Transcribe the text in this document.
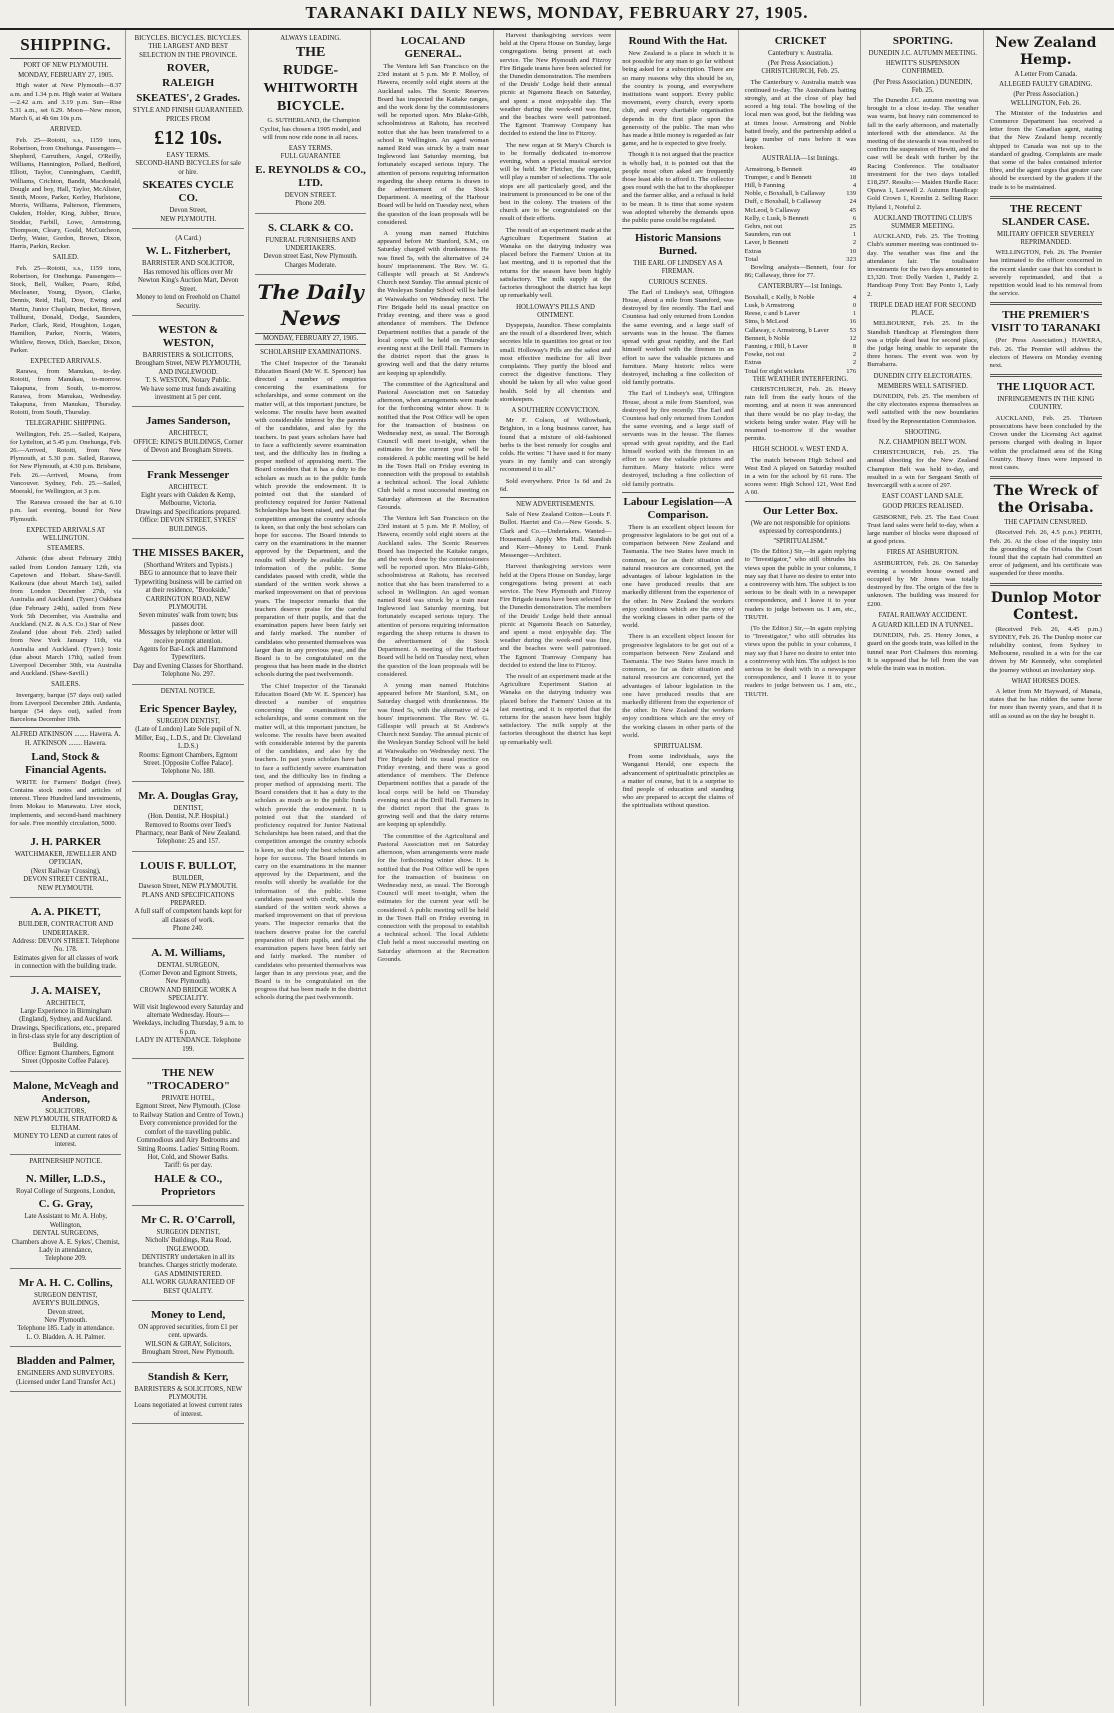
TARANAKI DAILY NEWS, MONDAY, FEBRUARY 27, 1905.
SHIPPING.
PORT OF NEW PLYMOUTH.
MONDAY, FEBRUARY 27, 1905.

High water at New Plymouth—8.37 a.m. and 1.34 p.m. High water at Waitara—2.42 a.m. and 3.19 p.m. Sun—Rise 5.31 a.m., set 6.29. Moon—New moon, March 6, at 4h 6m 10s p.m.

ARRIVED.

Feb. 25—Rotoiti, s.s., 1159 tons, Robertson, from Onehunga. Passengers—Shepherd, Carruthers, Angel, O'Reilly, Williams, Hannington, Pollard, Bedford, Elliott, Taylor, Cunningham, Cardiff, Williams, Crichton, Bandit, Macdonald, Dougle and boy, Hall, Taylor, McAlister, Smith, Moore, Parker, Kerley, Hurlstone, Morris, Williams, Palterson, Flemmers, Oakden, Holder, King, Jubber, Bruce, Stoddar, Farbill, Lowe, Armstrong, Thompson, Cleary, Gould, McCutcheon, Derby, Water, Gordon, Brown, Dixon, Harris, Parkin, Recker.

SAILED.

Feb. 25—Rotoiti, s.s., 1159 tons, Robertson, for Onehunga. Passengers—Stock, Bell, Walker, Poaro, Ribd, Mecleaner, Young, Dyson, Clarke, Dennis, Reid, Hall, Dow, Ewing and Martin, Junior Chaplain, Becket, Brown, Tollhurst, Donald, Dodge, Saunders, Parker, Clark, Reid, Houghton, Logan, Hamilton, Parker, Norris, Waters, Whitlow, Brown, Dilch, Baecker, Dixon, Parker.

EXPECTED ARRIVALS.

Rarawa, from Manukau, to-day. Rotoiti, from Manukau, to-morrow. Takapuna, from South, to-morrow. Rarawa, from Manukau, Wednesday. Takapuna, from Manukau, Thursday. Rotoiti, from South, Thursday.

TELEGRAPHIC SHIPPING.

Wellington, Feb. 25.—Sailed, Kaipara, for Lyttelton, at 5.45 p.m. Onehunga, Feb. 26.—Arrived, Rotoiti, from New Plymouth, at 5.30 p.m. Sailed, Rarawa, for New Plymouth, at 4.30 p.m. Brisbane, Feb. 26.—Arrived, Moana, from Vancouver. Sydney, Feb. 25.—Sailed, Moerakl, for Wellington, at 3 p.m.

The Rarawa crossed the bar at 6.10 p.m. last evening, bound for New Plymouth.

EXPECTED ARRIVALS AT WELLINGTON.
STEAMERS.

Athenic (due about February 28th) sailed from London January 12th, via Capetown and Hobart. Shaw-Savill. Kaikoura (due about March 1st), sailed from London December 27th, via Australia and Auckland. (Tyser.) Oakbara (due February 24th), sailed from New York 5th December, via Australia and Auckland. (N.Z. & A.S. Co.) Star of New Zealand (due about Feb. 23rd) sailed from New York January 11th, via Australia and Auckland. (Tyser.) Ionic (due about March 17th), sailed from Liverpool December 30th, via Australia and Auckland. (Shaw-Savill.)

SAILERS.

Invergarry, barque (57 days out) sailed from Liverpool December 28th. Andania, barque (54 days out), sailed from Barcelona December 19th.

ALFRED ATKINSON ........ Hawera. A. H. ATKINSON ........ Hawera.
Land, Stock & Financial Agents.

WRITE for Farmers' Budget (free). Contains stock notes and articles of interest. Three Hundred land investments, from Mokau to Manawatu. Live stock, implements, and second-hand machinery for sale. Free monthly circulation, 5000.

J. H. PARKER
WATCHMAKER, JEWELLER AND
OPTICIAN,
(Next Railway Crossing),
DEVON STREET CENTRAL,
NEW PLYMOUTH.
A. A. PIKETT,
BUILDER, CONTRACTOR AND UNDERTAKER.
Address: DEVON STREET. Telephone No. 178.
Estimates given for all classes of work in connection with the building trade.
J. A. MAISEY,
ARCHITECT,
Large Experience in Birmingham (England), Sydney, and Auckland.
Drawings, Specifications, etc., prepared in first-class style for any description of Building.
Office: Egmont Chambers, Egmont Street (Opposite Coffee Palace).
Malone, McVeagh and Anderson,
SOLICITORS,
NEW PLYMOUTH, STRATFORD & ELTHAM.
MONEY TO LEND at current rates of interest.
PARTNERSHIP NOTICE.
N. Miller, L.D.S.,
Royal College of Surgeons, London,
C. G. Gray,
Late Assistant to Mr. A. Hoby, Wellington,
DENTAL SURGEONS,
Chambers above A. E. Sykes', Chemist,
Lady in attendance,
Telephone 209.
Mr A. H. C. Collins,
SURGEON DENTIST,
AVERY'S BUILDINGS,
Devon street,
New Plymouth.
Telephone 185. Lady in attendance.
L. O. Bladden. A. H. Palmer.
Bladden and Palmer,
ENGINEERS AND SURVEYORS.
(Licensed under Land Transfer Act.)
BICYCLES. BICYCLES. BICYCLES.
THE LARGEST AND BEST SELECTION IN THE PROVINCE.
ROVER,
RALEIGH
SKEATES', 2 Grades.
STYLE AND FINISH GUARANTEED.
PRICES FROM
£12 10s.
EASY TERMS.
SECOND-HAND BICYCLES for sale or hire.
SKEATES CYCLE CO.
Devon Street,
NEW PLYMOUTH.
(A Card.)
W. L. Fitzherbert,
BARRISTER AND SOLICITOR,
Has removed his offices over Mr Newton King's Auction Mart, Devon Street.
Money to lend on Freehold on Chattel Security.
WESTON & WESTON,
BARRISTERS & SOLICITORS,
Brougham Street, NEW PLYMOUTH, AND INGLEWOOD.
T. S. WESTON, Notary Public.
We have some trust funds awaiting investment at 5 per cent.
James Sanderson,
ARCHITECT,
OFFICE: KING'S BUILDINGS, Corner of Devon and Brougham Streets.
Frank Messenger
ARCHITECT.
Eight years with Oakden & Kemp, Melbourne, Victoria.
Drawings and Specifications prepared.
Office: DEVON STREET, SYKES' BUILDINGS.
THE MISSES BAKER,
(Shorthand Writers and Typists.)
BEG to announce that to leave their Typewriting business will be carried on at their residence, "Brookside," CARRINGTON ROAD, NEW PLYMOUTH.
Seven minutes' walk from town; bus passes door.
Messages by telephone or letter will receive prompt attention.
Agents for Bar-Lock and Hammond Typewriters.
Day and Evening Classes for Shorthand.
Telephone No. 297.
DENTAL NOTICE.
Eric Spencer Bayley,
SURGEON DENTIST,
(Late of London) Late Sole pupil of N. Miller, Esq., L.D.S., and Dr. Cleveland L.D.S.)
Rooms: Egmont Chambers, Egmont Street. [Opposite Coffee Palace].
Telephone No. 180.
Mr. A. Douglas Gray,
DENTIST,
(Hon. Dentist, N.P. Hospital.)
Removed to Rooms over Teed's Pharmacy, near Bank of New Zealand.
Telephone: 25 and 157.
LOUIS F. BULLOT,
BUILDER,
Dawson Street, NEW PLYMOUTH.
PLANS AND SPECIFICATIONS PREPARED.
A full staff of competent hands kept for all classes of work.
Phone 240.
A. M. Williams,
DENTAL SURGEON,
(Corner Devon and Egmont Streets, New Plymouth).
CROWN AND BRIDGE WORK A SPECIALITY.
Will visit Inglewood every Saturday and alternate Wednesday. Hours—Weekdays, including Thursday, 9 a.m. to 6 p.m.
LADY IN ATTENDANCE. Telephone 199.
THE NEW "TROCADERO"
PRIVATE HOTEL,
Egmont Street, New Plymouth. (Close to Railway Station and Centre of Town.)
Every convenience provided for the comfort of the travelling public. Commodious and Airy Bedrooms and Sitting Rooms. Ladies' Sitting Room.
Hot, Cold, and Shower Baths.
Tariff: 6s per day.
HALE & CO., Proprietors
Mr C. R. O'Carroll,
SURGEON DENTIST,
Nicholls' Buildings, Rata Road, INGLEWOOD.
DENTISTRY undertaken in all its branches. Charges strictly moderate.
GAS ADMINISTERED.
ALL WORK GUARANTEED OF BEST QUALITY.
Money to Lend,
ON approved securities, from £1 per cent. upwards.
WILSON & GIRAY, Solicitors, Brougham Street, New Plymouth.
Standish & Kerr,
BARRISTERS & SOLICITORS, NEW PLYMOUTH.
Loans negotiated at lowest current rates of interest.
ALWAYS LEADING.
THE
RUDGE-
WHITWORTH
BICYCLE.

G. SUTHERLAND, the Champion Cyclist, has chosen a 1905 model, and will from now ride none in all races.

EASY TERMS.
FULL GUARANTEE
E. REYNOLDS & CO., LTD.
DEVON STREET.
Phone 209.
S. CLARK & CO.
FUNERAL FURNISHERS AND UNDERTAKERS.
Devon street East, New Plymouth.
Charges Moderate.
The Daily News
MONDAY, FEBRUARY 27, 1905.
SCHOLARSHIP EXAMINATIONS.

The Chief Inspector of the Taranaki Education Board (Mr W. E. Spencer) has directed a number of enquiries concerning the examinations for scholarships, and some comment on the matter will, at this important juncture, be welcome. The results have been awaited with considerable interest by the parents of the candidates, and also by the teachers. In past years scholars have had to face a sufficiently severe examination test, and the difficulty lies in finding a proper method of appraising merit. The Board considers that it has a duty to the scholars as much as to the public funds which provide the endowment. It is pointed out that the standard of proficiency required for Junior National Scholarships has been raised, and that the competition amongst the country schools is keen, so that only the best scholars can hope for success. The Board intends to carry on the examinations in the manner approved by the Department, and the results will shortly be available for the information of the public. Some candidates passed with credit, while the standard of the written work shows a marked improvement on that of previous years. The inspector remarks that the teachers deserve praise for the careful preparation of their pupils, and that the examination papers have been fairly set and fairly marked. The number of candidates who presented themselves was larger than in any previous year, and the Board is to be congratulated on the progress that has been made in the district schools during the past twelvemonth.

The Chief Inspector of the Taranaki Education Board (Mr W. E. Spencer) has directed a number of enquiries concerning the examinations for scholarships, and some comment on the matter will, at this important juncture, be welcome. The results have been awaited with considerable interest by the parents of the candidates, and also by the teachers. In past years scholars have had to face a sufficiently severe examination test, and the difficulty lies in finding a proper method of appraising merit. The Board considers that it has a duty to the scholars as much as to the public funds which provide the endowment. It is pointed out that the standard of proficiency required for Junior National Scholarships has been raised, and that the competition amongst the country schools is keen, so that only the best scholars can hope for success. The Board intends to carry on the examinations in the manner approved by the Department, and the results will shortly be available for the information of the public. Some candidates passed with credit, while the standard of the written work shows a marked improvement on that of previous years. The inspector remarks that the teachers deserve praise for the careful preparation of their pupils, and that the examination papers have been fairly set and fairly marked. The number of candidates who presented themselves was larger than in any previous year, and the Board is to be congratulated on the progress that has been made in the district schools during the past twelvemonth.

LOCAL AND GENERAL.

The Ventura left San Francisco on the 23rd instant at 5 p.m. Mr P. Molloy, of Hawera, recently sold eight steers at the Auckland sales. The Scenic Reserves Board has inspected the Kaitake ranges, and the work done by the commissioners will be reported upon. Mrs Blake-Gibb, schoolmistress at Rahotu, has received notice that she has been transferred to a school in Wellington. An aged woman named Reid was struck by a train near Inglewood last Saturday morning, but fortunately escaped serious injury. The attention of persons requiring information regarding the sheep returns is drawn to the advertisement of the Stock Department. A meeting of the Harbour Board will be held on Tuesday next, when the question of the loan proposals will be considered.

A young man named Hutchins appeared before Mr Stanford, S.M., on Saturday charged with drunkenness. He was fined 5s, with the alternative of 24 hours' imprisonment. The Rev. W. G. Gillespie will preach at St Andrew's Church next Sunday. The annual picnic of the Wesleyan Sunday School will be held at Waiwakaiho on Wednesday next. The Fire Brigade held its usual practice on Friday evening, and there was a good attendance of members. The Defence Department notifies that a parade of the local corps will be held on Thursday evening next at the Drill Hall. Farmers in the district report that the grass is growing well and that the dairy returns are keeping up splendidly.

The committee of the Agricultural and Pastoral Association met on Saturday afternoon, when arrangements were made for the forthcoming winter show. It is notified that the Post Office will be open for the transaction of business on Wednesday next, as usual. The Borough Council will meet to-night, when the estimates for the current year will be considered. A public meeting will be held in the Town Hall on Friday evening in connection with the proposal to establish a technical school. The local Athletic Club held a most successful meeting on Saturday afternoon at the Recreation Grounds.

The Ventura left San Francisco on the 23rd instant at 5 p.m. Mr P. Molloy, of Hawera, recently sold eight steers at the Auckland sales. The Scenic Reserves Board has inspected the Kaitake ranges, and the work done by the commissioners will be reported upon. Mrs Blake-Gibb, schoolmistress at Rahotu, has received notice that she has been transferred to a school in Wellington. An aged woman named Reid was struck by a train near Inglewood last Saturday morning, but fortunately escaped serious injury. The attention of persons requiring information regarding the sheep returns is drawn to the advertisement of the Stock Department. A meeting of the Harbour Board will be held on Tuesday next, when the question of the loan proposals will be considered.

A young man named Hutchins appeared before Mr Stanford, S.M., on Saturday charged with drunkenness. He was fined 5s, with the alternative of 24 hours' imprisonment. The Rev. W. G. Gillespie will preach at St Andrew's Church next Sunday. The annual picnic of the Wesleyan Sunday School will be held at Waiwakaiho on Wednesday next. The Fire Brigade held its usual practice on Friday evening, and there was a good attendance of members. The Defence Department notifies that a parade of the local corps will be held on Thursday evening next at the Drill Hall. Farmers in the district report that the grass is growing well and that the dairy returns are keeping up splendidly.

The committee of the Agricultural and Pastoral Association met on Saturday afternoon, when arrangements were made for the forthcoming winter show. It is notified that the Post Office will be open for the transaction of business on Wednesday next, as usual. The Borough Council will meet to-night, when the estimates for the current year will be considered. A public meeting will be held in the Town Hall on Friday evening in connection with the proposal to establish a technical school. The local Athletic Club held a most successful meeting on Saturday afternoon at the Recreation Grounds.

Harvest thanksgiving services were held at the Opera House on Sunday, large congregations being present at each service. The New Plymouth and Fitzroy Fire Brigade teams have been selected for the Dunedin demonstration. The members of the Druids' Lodge held their annual picnic at Ngamotu Beach on Saturday, and spent a most enjoyable day. The weather during the week-end was fine, and the beaches were well patronised. The Egmont Tramway Company has decided to extend the line to Fitzroy.

The new organ at St Mary's Church is to be formally dedicated to-morrow evening, when a special musical service will be held. Mr Fletcher, the organist, will play a number of selections. The sole stops are all particularly good, and the instrument is pronounced to be one of the best in the colony. The trustees of the church are to be congratulated on the result of their efforts.

The result of an experiment made at the Agriculture Experiment Station at Wanaka on the dairying industry was placed before the Farmers' Union at its last meeting, and it is reported that the returns for the season have been highly satisfactory. The milk supply at the factories throughout the district has kept up remarkably well.

HOLLOWAY'S PILLS AND OINTMENT.

Dyspepsia, Jaundice. These complaints are the result of a disordered liver, which secretes bile in quantities too great or too small. Holloway's Pills are the safest and most effective medicine for all liver complaints. They purify the blood and correct the digestive functions. They should be taken by all who value good health. Sold by all chemists and storekeepers.

A SOUTHERN CONVICTION.

Mr F. Colson, of Willowbank, Brighton, in a long business career, has found that a mixture of old-fashioned herbs is the best remedy for coughs and colds. He writes: "I have used it for many years in my family and can strongly recommend it to all."

Sold everywhere. Price 1s 6d and 2s 6d.

NEW ADVERTISEMENTS.

Sale of New Zealand Cotton—Louis F. Bullot. Harriet and Co.—New Goods. S. Clark and Co.—Undertakers. Wanted—Housemaid. Apply Mrs Hall. Standish and Kerr—Money to Lend. Frank Messenger—Architect.

Harvest thanksgiving services were held at the Opera House on Sunday, large congregations being present at each service. The New Plymouth and Fitzroy Fire Brigade teams have been selected for the Dunedin demonstration. The members of the Druids' Lodge held their annual picnic at Ngamotu Beach on Saturday, and spent a most enjoyable day. The weather during the week-end was fine, and the beaches were well patronised. The Egmont Tramway Company has decided to extend the line to Fitzroy.

The result of an experiment made at the Agriculture Experiment Station at Wanaka on the dairying industry was placed before the Farmers' Union at its last meeting, and it is reported that the returns for the season have been highly satisfactory. The milk supply at the factories throughout the district has kept up remarkably well.

Round With the Hat.

New Zealand is a place in which it is not possible for any man to go far without being asked for a subscription. There are so many reasons why this should be so, the country is young, and everywhere institutions want support. Every public movement, every church, every sports club, and every charitable organisation depends in the first place upon the generosity of the public. The man who has made a little money is regarded as fair game, and he is expected to give freely.

Though it is not argued that the practice is wholly bad, it is pointed out that the people most often asked are frequently those least able to afford it. The collector goes round with the hat to the shopkeeper and the farmer alike, and a refusal is held to be mean. It is time that some system was adopted whereby the demands upon the public purse could be regulated.

Historic Mansions Burned.
THE EARL OF LINDSEY AS A FIREMAN.
CURIOUS SCENES.

The Earl of Lindsey's seat, Uffington House, about a mile from Stamford, was destroyed by fire recently. The Earl and Countess had only returned from London the same evening, and a large staff of servants was in the house. The flames spread with great rapidity, and the Earl himself worked with the firemen in an effort to save the valuable pictures and furniture. Many historic relics were destroyed, including a fine collection of old family portraits.

The Earl of Lindsey's seat, Uffington House, about a mile from Stamford, was destroyed by fire recently. The Earl and Countess had only returned from London the same evening, and a large staff of servants was in the house. The flames spread with great rapidity, and the Earl himself worked with the firemen in an effort to save the valuable pictures and furniture. Many historic relics were destroyed, including a fine collection of old family portraits.

Labour Legislation—A Comparison.

There is an excellent object lesson for progressive legislators to be got out of a comparison between New Zealand and Tasmania. The two States have much in common, so far as their situation and natural resources are concerned, yet the advantages of labour legislation in the one have produced results that are markedly different from the experience of the other. In New Zealand the workers enjoy conditions which are the envy of the working classes in other parts of the world.

There is an excellent object lesson for progressive legislators to be got out of a comparison between New Zealand and Tasmania. The two States have much in common, so far as their situation and natural resources are concerned, yet the advantages of labour legislation in the one have produced results that are markedly different from the experience of the other. In New Zealand the workers enjoy conditions which are the envy of the working classes in other parts of the world.

SPIRITUALISM.

From some individuals, says the Wanganui Herald, one expects the advancement of spiritualistic principles as a matter of course, but it is a surprise to find people of education and standing who are prepared to accept the claims of the spiritualists without question.

CRICKET
Canterbury v. Australia.
(Per Press Association.) CHRISTCHURCH, Feb. 25.

The Canterbury v. Australia match was continued to-day. The Australians batting strongly, and at the close of play had scored a big total. The bowling of the local men was good, but the fielding was at times loose. Armstrong and Noble batted freely, and the partnership added a large number of runs before it was broken.

AUSTRALIA—1st Innings.
Armstrong, b Bennett	49
Trumper, c and b Bennett	18
Hill, b Fanning	4
Noble, c Boxshall, b Callaway	139
Duff, c Boxshall, b Callaway	24
McLeod, b Callaway	45
Kelly, c Lusk, b Bennett	6
Gehrs, not out	25
Saunders, run out	1
Laver, b Bennett	2
Extras	10
Total	323

Bowling analysis—Bennett, four for 86; Callaway, three for 77.

CANTERBURY—1st Innings.
Boxshall, c Kelly, b Noble	4
Lusk, b Armstrong	0
Reese, c and b Laver	1
Sims, b McLeod	16
Callaway, c Armstrong, b Laver	53
Bennett, b Noble	12
Fanning, c Hill, b Laver	8
Fowke, not out	2
Extras	2
Total for eight wickets	176
THE WEATHER INTERFERING.

CHRISTCHURCH, Feb. 26. Heavy rain fell from the early hours of the morning, and at noon it was announced that there would be no play to-day, the wickets being under water. Play will be resumed to-morrow if the weather permits.

HIGH SCHOOL v. WEST END A.

The match between High School and West End A played on Saturday resulted in a win for the school by 61 runs. The scores were: High School 121, West End A 60.

Our Letter Box.
(We are not responsible for opinions expressed by correspondents.)
"SPIRITUALISM."

(To the Editor.) Sir,—In again replying to "Investigator," who still obtrudes his views upon the public in your columns, I may say that I have no desire to enter into a controversy with him. The subject is too serious to be dealt with in a newspaper correspondence, and I leave it to your readers to judge between us. I am, etc., TRUTH.

(To the Editor.) Sir,—In again replying to "Investigator," who still obtrudes his views upon the public in your columns, I may say that I have no desire to enter into a controversy with him. The subject is too serious to be dealt with in a newspaper correspondence, and I leave it to your readers to judge between us. I am, etc., TRUTH.

SPORTING.
DUNEDIN J.C. AUTUMN MEETING.
HEWITT'S SUSPENSION CONFIRMED.
(Per Press Association.) DUNEDIN, Feb. 25.

The Dunedin J.C. autumn meeting was brought to a close to-day. The weather was warm, but heavy rain commenced to fall in the early afternoon, and materially interfered with the attendance. At the meeting of the stewards it was resolved to confirm the suspension of Hewitt, and the case will be dealt with further by the Racing Conference. The totalisator investment for the two days totalled £18,297. Results:— Maiden Hurdle Race: Opawa 1, Leewell 2. Autumn Handicap: Gold Crown 1, Kremlin 2. Selling Race: Hyland 1, Noteful 2.

AUCKLAND TROTTING CLUB'S SUMMER MEETING.

AUCKLAND, Feb. 25. The Trotting Club's summer meeting was continued to-day. The weather was fine and the attendance fair. The totalisator investments for the two days amounted to £3,320. Trot: Dolly Varden 1, Paddy 2. Handicap Pony Trot: Bay Ponto 1, Lady 2.

TRIPLE DEAD HEAT FOR SECOND PLACE.

MELBOURNE, Feb. 25. In the Standish Handicap at Flemington there was a triple dead heat for second place, the judge being unable to separate the three horses. The event was won by Burrabarra.

DUNEDIN CITY ELECTORATES.
MEMBERS WELL SATISFIED.

DUNEDIN, Feb. 25. The members of the city electorates express themselves as well satisfied with the new boundaries fixed by the Representation Commission.

SHOOTING.
N.Z. CHAMPION BELT WON.

CHRISTCHURCH, Feb. 25. The annual shooting for the New Zealand Champion Belt was held to-day, and resulted in a win for Sergeant Smith of Invercargill with a score of 297.

EAST COAST LAND SALE.
GOOD PRICES REALISED.

GISBORNE, Feb. 25. The East Coast Trust land sales were held to-day, when a large number of blocks were disposed of at good prices.

FIRES AT ASHBURTON.

ASHBURTON, Feb. 26. On Saturday evening a wooden house owned and occupied by Mr Jones was totally destroyed by fire. The origin of the fire is unknown. The building was insured for £200.

FATAL RAILWAY ACCIDENT.
A GUARD KILLED IN A TUNNEL.

DUNEDIN, Feb. 25. Henry Jones, a guard on the goods train, was killed in the tunnel near Port Chalmers this morning. It is supposed that he fell from the van while the train was in motion.

New Zealand Hemp.
A Letter From Canada.
ALLEGED FAULTY GRADING.
(Per Press Association.) WELLINGTON, Feb. 26.

The Minister of the Industries and Commerce Department has received a letter from the Canadian agent, stating that the New Zealand hemp recently shipped to Canada was not up to the standard of grading. Complaints are made that some of the bales contained inferior fibre, and the agent urges that greater care should be exercised by the graders if the trade is to be maintained.

THE RECENT SLANDER CASE.
MILITARY OFFICER SEVERELY REPRIMANDED.

WELLINGTON, Feb. 26. The Premier has intimated to the officer concerned in the recent slander case that his conduct is severely reprimanded, and that a repetition would lead to his removal from the service.

THE PREMIER'S VISIT TO TARANAKI

(Per Press Association.) HAWERA, Feb. 26. The Premier will address the electors of Hawera on Monday evening next.

THE LIQUOR ACT.
INFRINGEMENTS IN THE KING COUNTRY.

AUCKLAND, Feb. 25. Thirteen prosecutions have been concluded by the Crown under the Licensing Act against persons charged with dealing in liquor within the proclaimed area of the King Country. Heavy fines were imposed in most cases.

The Wreck of the Orisaba.
THE CAPTAIN CENSURED.

(Received Feb. 26, 4.5 p.m.) PERTH, Feb. 26. At the close of the inquiry into the grounding of the Orisaba the Court found that the captain had committed an error of judgment, and his certificate was suspended for three months.

Dunlop Motor Contest.

(Received Feb. 26, 4.45 p.m.) SYDNEY, Feb. 26. The Dunlop motor car reliability contest, from Sydney to Melbourne, resulted in a win for the car driven by Mr Kennedy, who completed the journey without an involuntary stop.

WHAT HORSES DOES.

A letter from Mr Hayward, of Manaia, states that he has ridden the same horse for more than twenty years, and that it is still as sound as on the day he bought it.
